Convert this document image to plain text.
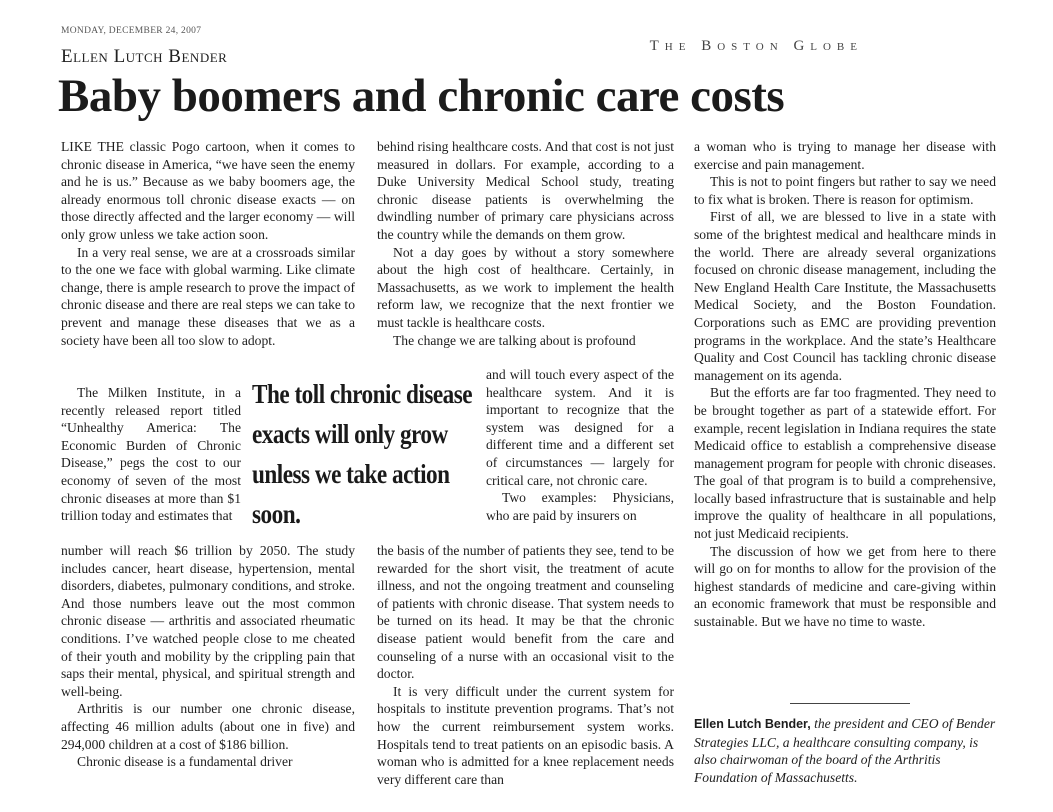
MONDAY, DECEMBER 24, 2007
The Boston Globe
Ellen Lutch Bender
Baby boomers and chronic care costs

LIKE THE classic Pogo cartoon, when it comes to chronic disease in America, “we have seen the enemy and he is us.” Because as we baby boomers age, the already enormous toll chronic disease exacts — on those directly affected and the larger economy — will only grow unless we take action soon.

In a very real sense, we are at a crossroads similar to the one we face with global warming. Like climate change, there is ample research to prove the impact of chronic disease and there are real steps we can take to prevent and manage these diseases that we as a society have been all too slow to adopt.

The Milken Institute, in a recently released report titled “Unhealthy America: The Economic Burden of Chronic Disease,” pegs the cost to our economy of seven of the most chronic diseases at more than $1 trillion today and estimates that

number will reach $6 trillion by 2050. The study includes cancer, heart disease, hypertension, mental disorders, diabetes, pulmonary conditions, and stroke. And those numbers leave out the most common chronic disease — arthritis and associated rheumatic conditions. I’ve watched people close to me cheated of their youth and mobility by the crippling pain that saps their mental, physical, and spiritual strength and well-being.

Arthritis is our number one chronic disease, affecting 46 million adults (about one in five) and 294,000 children at a cost of $186 billion.

Chronic disease is a fundamental driver

The toll chronic disease exacts will only grow unless we take action soon.

behind rising healthcare costs. And that cost is not just measured in dollars. For example, according to a Duke University Medical School study, treating chronic disease patients is overwhelming the dwindling number of primary care physicians across the country while the demands on them grow.

Not a day goes by without a story somewhere about the high cost of healthcare. Certainly, in Massachusetts, as we work to implement the health reform law, we recognize that the next frontier we must tackle is healthcare costs.

The change we are talking about is profound

and will touch every aspect of the healthcare system. And it is important to recognize that the system was designed for a different time and a different set of circumstances — largely for critical care, not chronic care.

Two examples: Physicians, who are paid by insurers on

the basis of the number of patients they see, tend to be rewarded for the short visit, the treatment of acute illness, and not the ongoing treatment and counseling of patients with chronic disease. That system needs to be turned on its head. It may be that the chronic disease patient would benefit from the care and counseling of a nurse with an occasional visit to the doctor.

It is very difficult under the current system for hospitals to institute prevention programs. That’s not how the current reimbursement system works. Hospitals tend to treat patients on an episodic basis. A woman who is admitted for a knee replacement needs very different care than

a woman who is trying to manage her disease with exercise and pain management.

This is not to point fingers but rather to say we need to fix what is broken. There is reason for optimism.

First of all, we are blessed to live in a state with some of the brightest medical and healthcare minds in the world. There are already several organizations focused on chronic disease management, including the New England Health Care Institute, the Massachusetts Medical Society, and the Boston Foundation. Corporations such as EMC are providing prevention programs in the workplace. And the state’s Healthcare Quality and Cost Council has tackling chronic disease management on its agenda.

But the efforts are far too fragmented. They need to be brought together as part of a statewide effort. For example, recent legislation in Indiana requires the state Medicaid office to establish a comprehensive disease management program for people with chronic diseases. The goal of that program is to build a comprehensive, locally based infrastructure that is sustainable and help improve the quality of healthcare in all populations, not just Medicaid recipients.

The discussion of how we get from here to there will go on for months to allow for the provision of the highest standards of medicine and care-giving within an economic framework that must be responsible and sustainable. But we have no time to waste.

Ellen Lutch Bender, the president and CEO of Bender Strategies LLC, a healthcare consulting company, is also chairwoman of the board of the Arthritis Foundation of Massachusetts.
